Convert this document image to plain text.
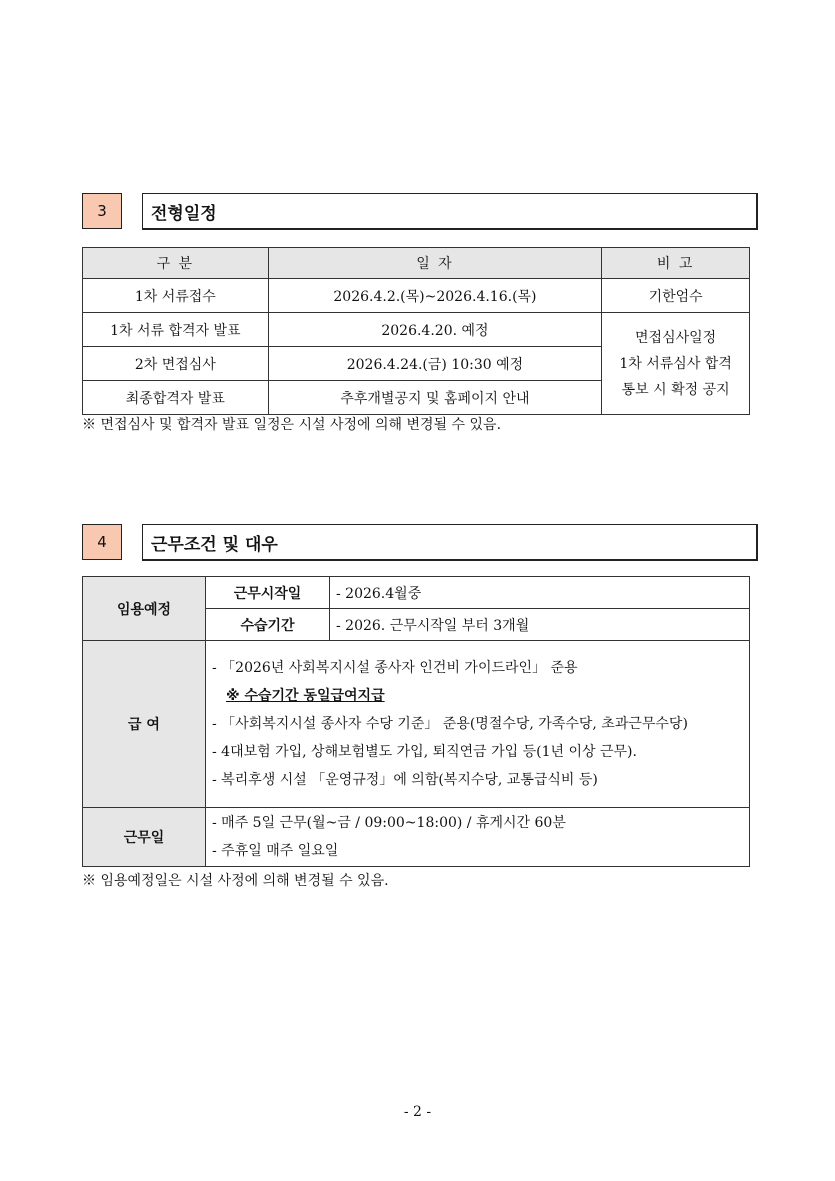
3	전형일정
구 분	일 자	비 고
1차 서류접수	2026.4.2.(목)~2026.4.16.(목)	기한엄수
1차 서류 합격자 발표	2026.4.20. 예정	면접심사일정
1차 서류심사 합격
통보 시 확정 공지

2차 면접심사	2026.4.24.(금) 10:30 예정	
최종합격자 발표	추후개별공지 및 홈페이지 안내	
※ 면접심사 및 합격자 발표 일정은 시설 사정에 의해 변경될 수 있음.
4	근무조건 및 대우
임용예정	근무시작일	- 2026.4월중
	수습기간	- 2026. 근무시작일 부터 3개월
급 여	- 「2026년 사회복지시설 종사자 인건비 가이드라인」 준용
※ 수습기간 동일급여지급
- 「사회복지시설 종사자 수당 기준」 준용(명절수당, 가족수당, 초과근무수당)
- 4대보험 가입, 상해보험별도 가입, 퇴직연금 가입 등(1년 이상 근무).
- 복리후생 시설 「운영규정」에 의함(복지수당, 교통급식비 등)	

근무일	- 매주 5일 근무(월~금 / 09:00~18:00) / 휴게시간 60분
- 주휴일 매주 일요일	
※ 임용예정일은 시설 사정에 의해 변경될 수 있음.
- 2 -
